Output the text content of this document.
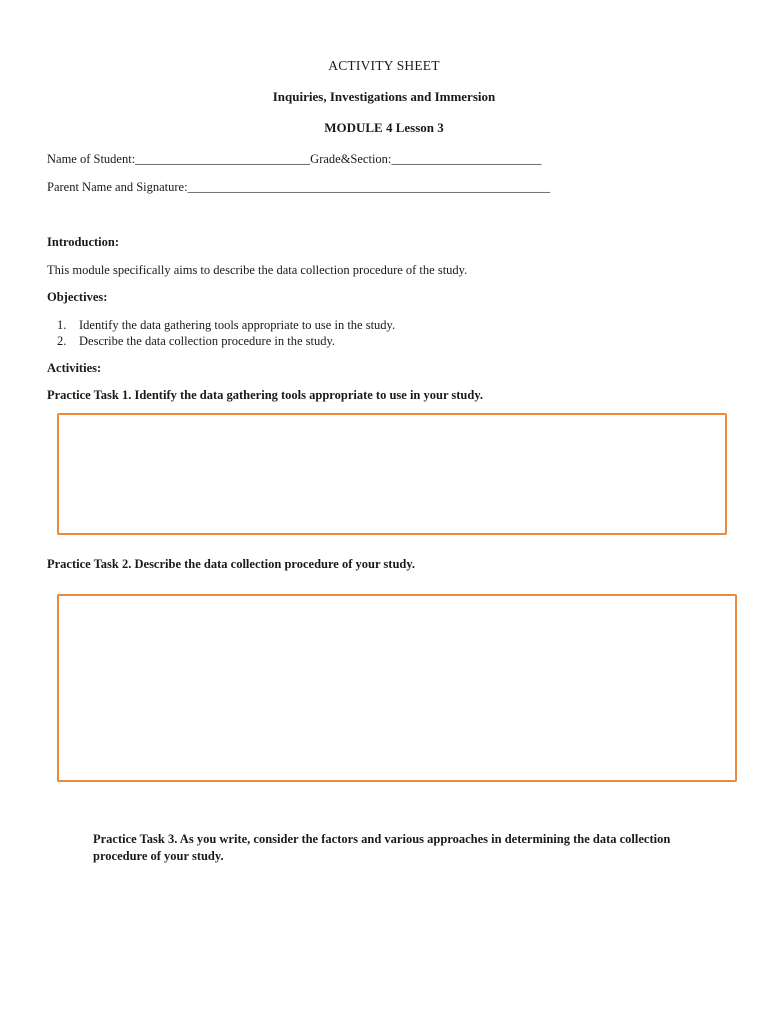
ACTIVITY SHEET
Inquiries, Investigations and Immersion
MODULE 4 Lesson 3
Name of Student:____________________________Grade&Section:________________________
Parent Name and Signature:__________________________________________________________
Introduction:
This module specifically aims to describe the data collection procedure of the study.
Objectives:
1.	Identify the data gathering tools appropriate to use in the study.
2.	Describe the data collection procedure in the study.
Activities:
Practice Task 1. Identify the data gathering tools appropriate to use in your study.
Practice Task 2. Describe the data collection procedure of your study.
Practice Task 3. As you write, consider the factors and various approaches in determining the data collection procedure of your study.
